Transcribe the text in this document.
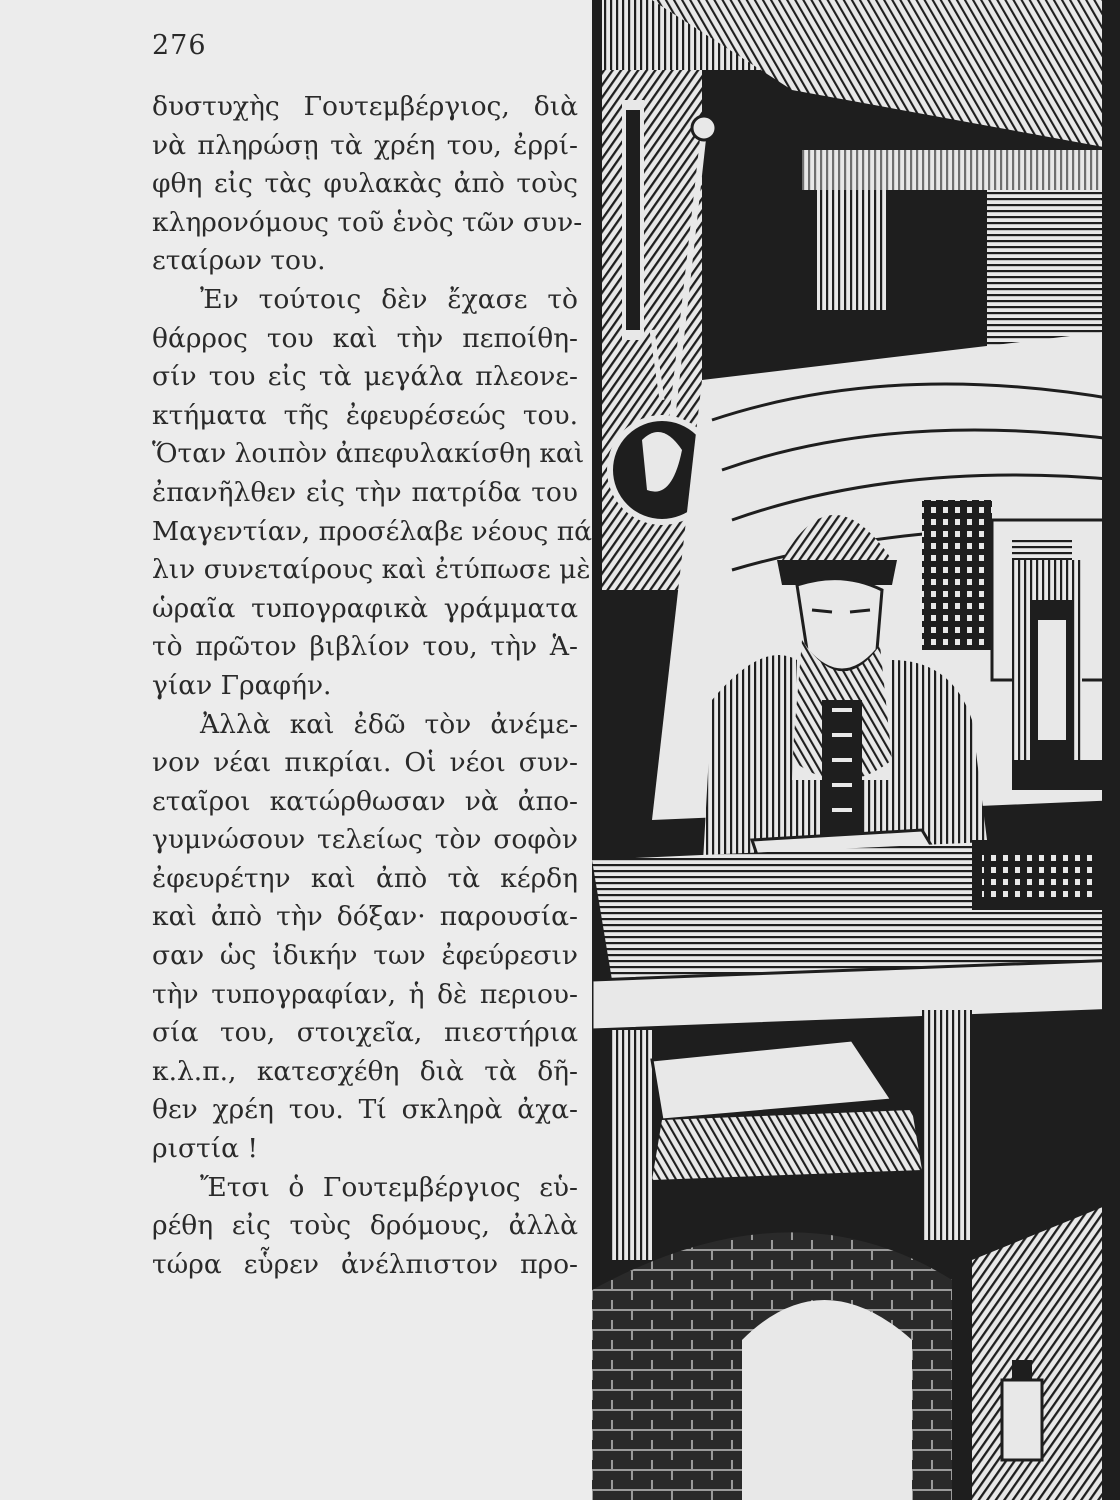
276
δυστυχὴς Γουτεμβέργιος, διὰ
νὰ πληρώσῃ τὰ χρέη του, ἐρρί-
φθη εἰς τὰς φυλακὰς ἀπὸ τοὺς
κληρονόμους τοῦ ἑνὸς τῶν συν-
εταίρων του.
Ἐν τούτοις δὲν ἔχασε τὸ
θάρρος του καὶ τὴν πεποίθη-
σίν του εἰς τὰ μεγάλα πλεονε-
κτήματα τῆς ἐφευρέσεώς του.
Ὅταν λοιπὸν ἀπεφυλακίσθη καὶ
ἐπανῆλθεν εἰς τὴν πατρίδα του
Μαγεντίαν, προσέλαβε νέους πά
λιν συνεταίρους καὶ ἐτύπωσε μὲ
ὡραῖα τυπογραφικὰ γράμματα
τὸ πρῶτον βιβλίον του, τὴν Ἁ-
γίαν Γραφήν.
Ἀλλὰ καὶ ἐδῶ τὸν ἀνέμε-
νον νέαι πικρίαι. Οἱ νέοι συν-
εταῖροι κατώρθωσαν νὰ ἀπο-
γυμνώσουν τελείως τὸν σοφὸν
ἐφευρέτην καὶ ἀπὸ τὰ κέρδη
καὶ ἀπὸ τὴν δόξαν· παρουσία-
σαν ὡς ἰδικήν των ἐφεύρεσιν
τὴν τυπογραφίαν, ἡ δὲ περιου-
σία του, στοιχεῖα, πιεστήρια
κ.λ.π., κατεσχέθη διὰ τὰ δῆ-
θεν χρέη του. Τί σκληρὰ ἀχα-
ριστία !
Ἔτσι ὁ Γουτεμβέργιος εὑ-
ρέθη εἰς τοὺς δρόμους, ἀλλὰ
τώρα εὗρεν ἀνέλπιστον προ-
